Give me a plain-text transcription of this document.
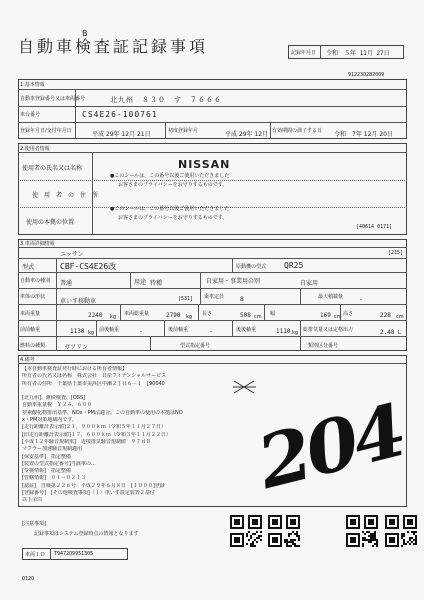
B
自動車検査証記録事項	記録年月日 令和　５年 11月 27日
9122302B2009
1.基本情報
自動車登録番号又は車両番号	北九州　８３０　す　７６６６
車台番号	CS4E26-100761
登録年月日/交付年月日	平成 29年 12月 21日	初度登録年月	平成 29年 12月 有効期間の満了する日 令和　7年 12月 20日
2.使用者情報
使用者の氏名又は名称
使　用　者　の　住　所
使用の本拠の位置
NISSAN
●このシールは、この番号以後ご使用いただきました
お客さまのプライバシーをお守りするものです。
●このシールは、この番号以後ご使用いただきました
お客さまのプライバシーをお守りするものです。
[40614 0171]
3.車両詳細情報
ニッサン	[215]
型式	CBF-CS4E26改	原動機の型式 QR25
自動車の種別 普通	用途 特種	自家用・事業用の別	自家用
車体の形状
車いす移動車	[531] 乗車定員	8	最大積載量	-
車両重量	2240 kg 車両総重量	2790 kg 長さ	508 cm 幅	169 cm 高さ	228 cm
前前軸重	1130 kg 前後軸重	-	後前軸重	-	後後軸重	1110 kg 総排気量又は定格出力	2.48 L
燃料の種類	ガソリン	型式指定番号	類別区分番号
4.備考
【本自動車検査証発行時における所有者情報】
所有者の氏名又は名称　株式会社　日産フィナンシャルサービス
所有者の住所　千葉県千葉市美浜区中瀬２丁目６－１　[90040
[北九州]、継続検査、[OSS]
自動車重量税　￥２４，６００
窒素酸化物排出基準、NOx・PM法適合。この自動車の使用の本拠はNO
x・PM対策地域内です。
[走行距離計表示値]２１，９００ｋｍ（令和５年１１月２７日）
[旧走行距離計表示値]１７，６００ｋｍ（令和３年１１月２２日）
[平成１２年騒音規制車]　近接排気騒音規制値　９７ｄＢ
マフラー加速騒音規制適用
[保安基準]　指定整備
[装置の型式指定番号]当該車の…
[受検情報]　指定整備
[管轄情報]　０１－０２１３
[認証]　自検第２２６号　平成２９年６月８日　[１０００]登録
[登録番号]　[その他検査事項]（１）車いす設定装置２基付
以下余白	204
[注意事項]
記録事項はシステム登録時点の情報となります
車両ＩＤ T9472Q9951305
0120
